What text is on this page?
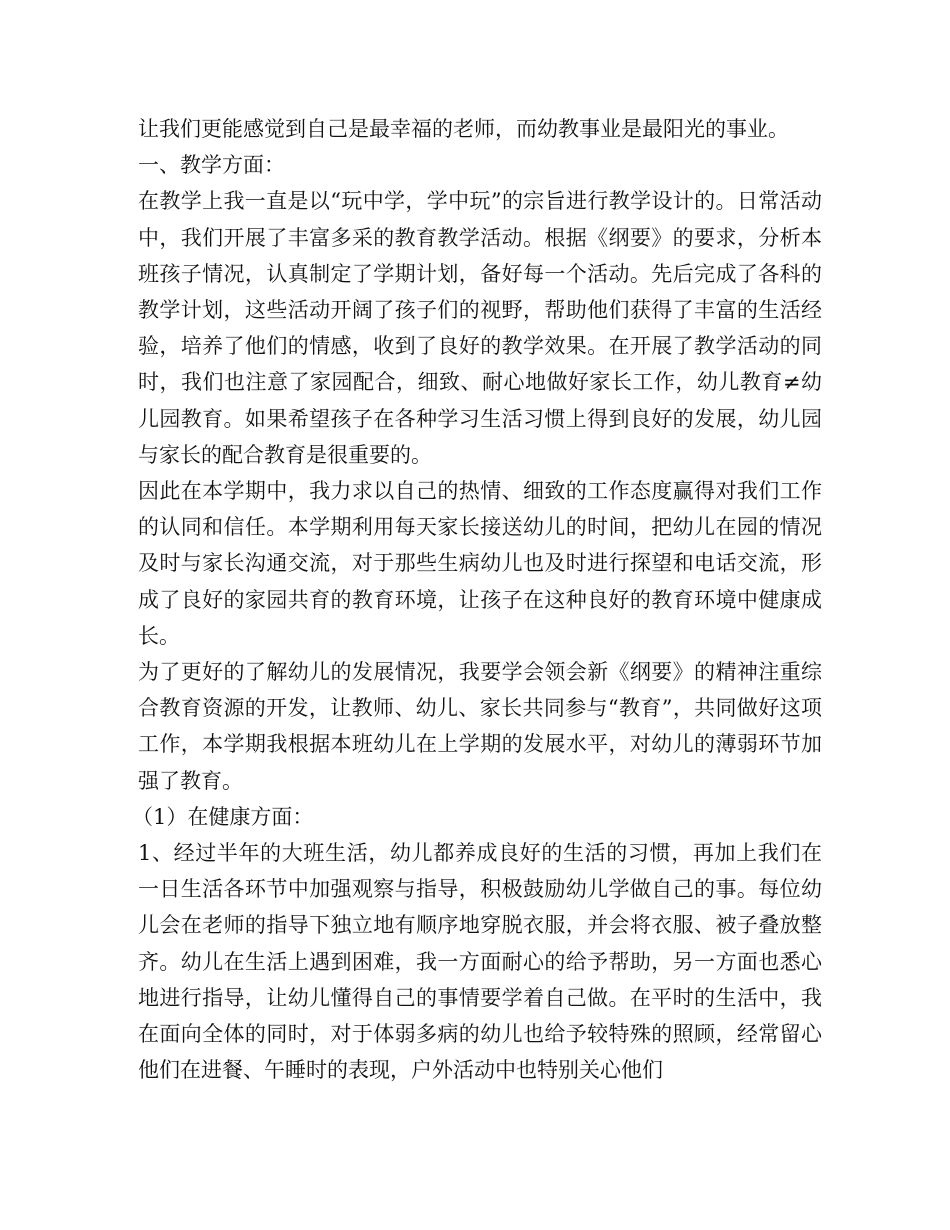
让我们更能感觉到自己是最幸福的老师，而幼教事业是最阳光的事业。

一、教学方面：

在教学上我一直是以“玩中学，学中玩”的宗旨进行教学设计的。日常活动中，我们开展了丰富多采的教育教学活动。根据《纲要》的要求，分析本班孩子情况，认真制定了学期计划，备好每一个活动。先后完成了各科的教学计划，这些活动开阔了孩子们的视野，帮助他们获得了丰富的生活经验，培养了他们的情感，收到了良好的教学效果。在开展了教学活动的同时，我们也注意了家园配合，细致、耐心地做好家长工作，幼儿教育≠幼儿园教育。如果希望孩子在各种学习生活习惯上得到良好的发展，幼儿园与家长的配合教育是很重要的。

因此在本学期中，我力求以自己的热情、细致的工作态度赢得对我们工作的认同和信任。本学期利用每天家长接送幼儿的时间，把幼儿在园的情况及时与家长沟通交流，对于那些生病幼儿也及时进行探望和电话交流，形成了良好的家园共育的教育环境，让孩子在这种良好的教育环境中健康成长。

为了更好的了解幼儿的发展情况，我要学会领会新《纲要》的精神注重综合教育资源的开发，让教师、幼儿、家长共同参与“教育”，共同做好这项工作，本学期我根据本班幼儿在上学期的发展水平，对幼儿的薄弱环节加强了教育。

（1）在健康方面：

1、经过半年的大班生活，幼儿都养成良好的生活的习惯，再加上我们在一日生活各环节中加强观察与指导，积极鼓励幼儿学做自己的事。每位幼儿会在老师的指导下独立地有顺序地穿脱衣服，并会将衣服、被子叠放整齐。幼儿在生活上遇到困难，我一方面耐心的给予帮助，另一方面也悉心地进行指导，让幼儿懂得自己的事情要学着自己做。在平时的生活中，我在面向全体的同时，对于体弱多病的幼儿也给予较特殊的照顾，经常留心他们在进餐、午睡时的表现，户外活动中也特别关心他们
